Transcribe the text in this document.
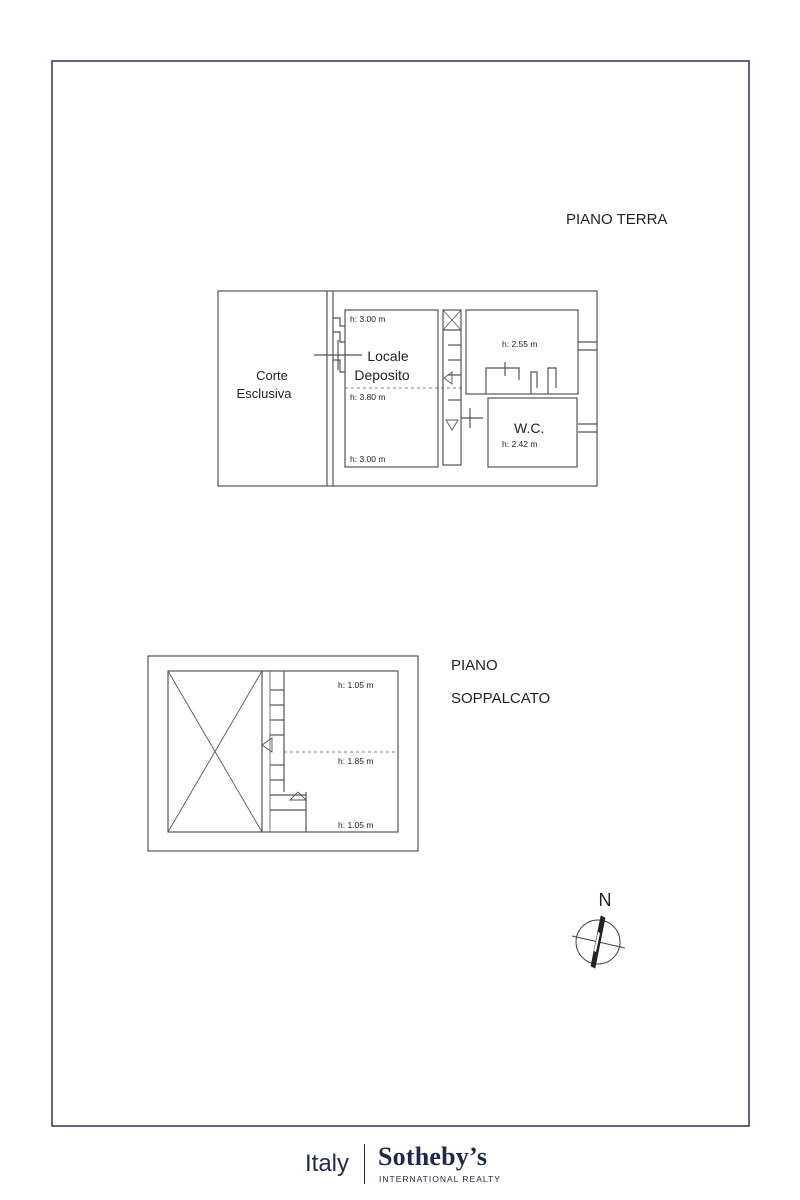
PIANO TERRA
Corte
Esclusiva
Locale
Deposito
h: 3.00 m
h: 3.80 m
h: 3.00 m
h: 2.55 m
W.C.
h: 2.42 m
PIANO
SOPPALCATO
h: 1.05 m
h: 1.85 m
h: 1.05 m
N
Italy Sotheby’s
INTERNATIONAL REALTY
